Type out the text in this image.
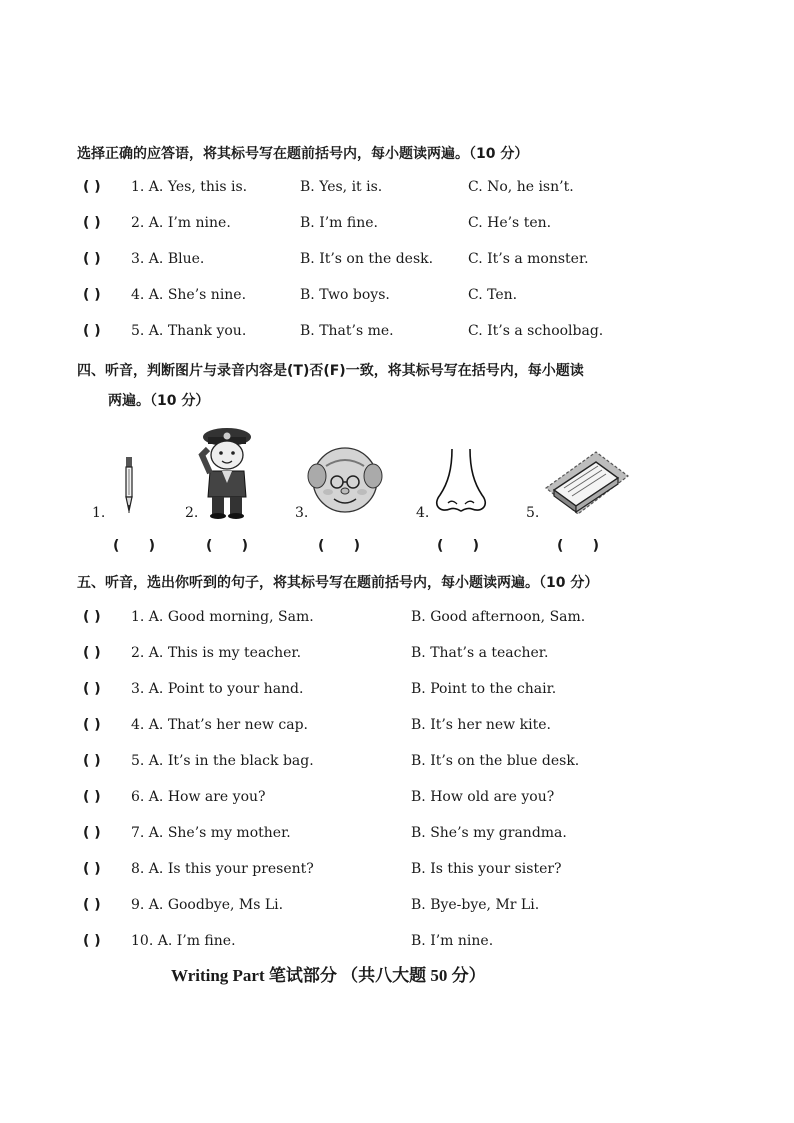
选择正确的应答语，将其标号写在题前括号内，每小题读两遍。（10 分）
( ) 1. A. Yes, this is.	B. Yes, it is.	C. No, he isn’t.
( ) 2. A. I’m nine.	B. I’m fine.	C. He’s ten.
( ) 3. A. Blue.	B. It’s on the desk. C. It’s a monster.
( ) 4. A. She’s nine.	B. Two boys.	C. Ten.
( ) 5. A. Thank you.	B. That’s me.	C. It’s a schoolbag.
四、听音，判断图片与录音内容是(T)否(F)一致，将其标号写在括号内，每小题读
两遍。（10 分）
1.
(      )
2.
(      )
3.
(      )
4.
(      )
5.
(      )
五、听音，选出你听到的句子，将其标号写在题前括号内，每小题读两遍。（10 分）
( ) 1. A. Good morning, Sam.	B. Good afternoon, Sam.
( ) 2. A. This is my teacher.	B. That’s a teacher.
( ) 3. A. Point to your hand.	B. Point to the chair.
( ) 4. A. That’s her new cap.	B. It’s her new kite.
( ) 5. A. It’s in the black bag.	B. It’s on the blue desk.
( ) 6. A. How are you?	B. How old are you?
( ) 7. A. She’s my mother.	B. She’s my grandma.
( ) 8. A. Is this your present?	B. Is this your sister?
( ) 9. A. Goodbye, Ms Li.	B. Bye-bye, Mr Li.
( ) 10. A. I’m fine.	B. I’m nine.
Writing Part 笔试部分 （共八大题 50 分）
